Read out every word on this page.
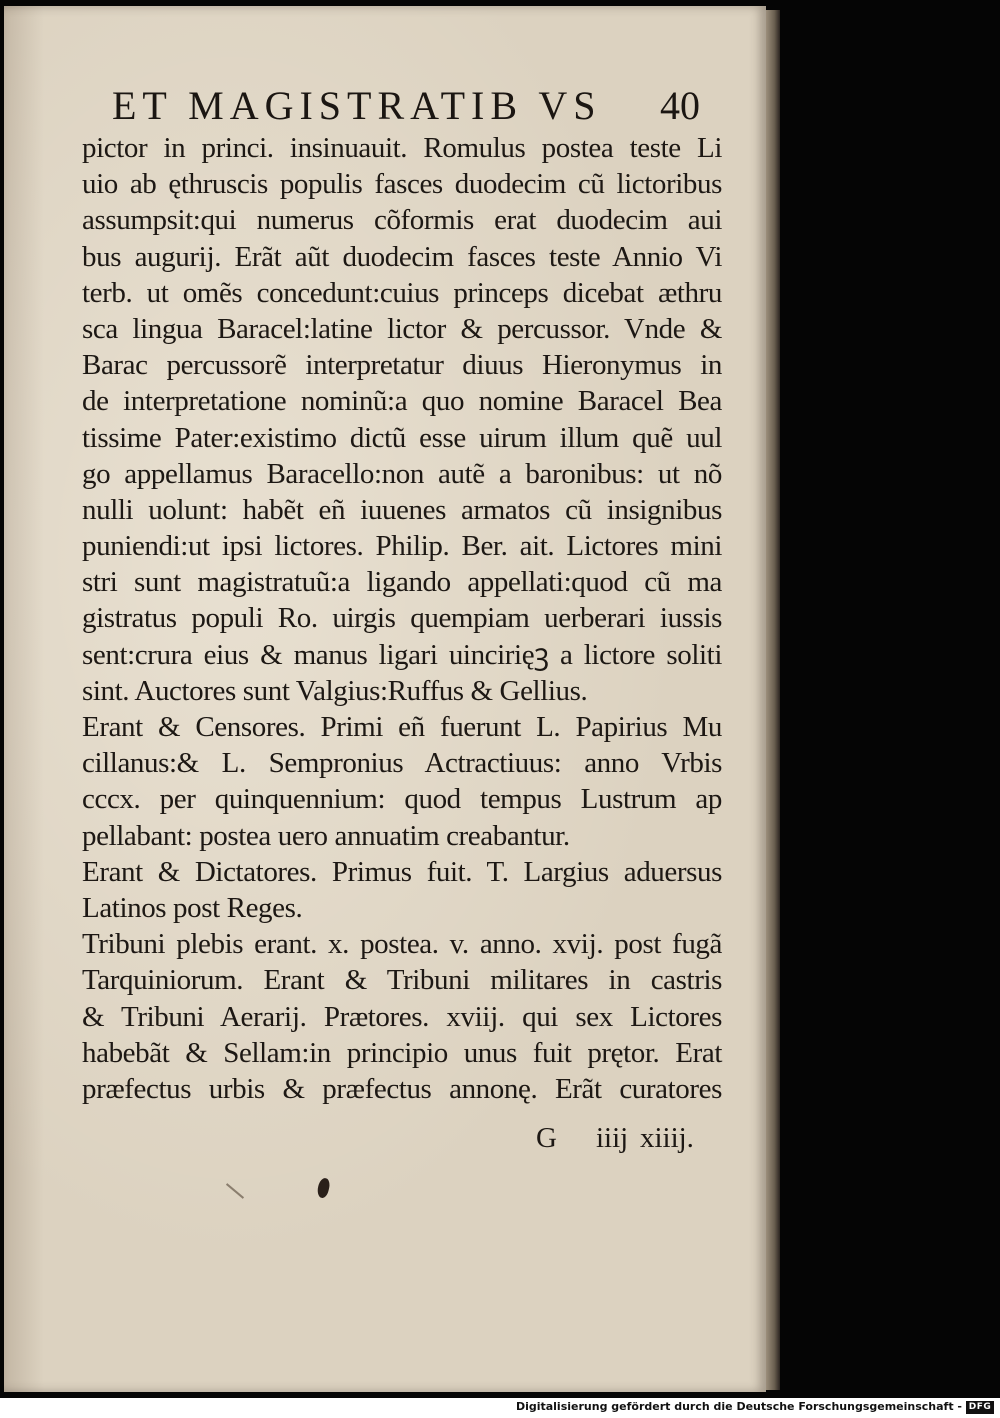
ET MAGISTRATIB VS 40
pictor in princi. insinuauit. Romulus postea teste Li
uio ab ęthruscis populis fasces duodecim cũ lictoribus
assumpsit:qui numerus cõformis erat duodecim aui
bus augurĳ. Erãt aũt duodecim fasces teste Annio Vi
terb. ut omẽs concedunt:cuius princeps dicebat æthru
sca lingua Baracel:latine lictor & percussor. Vnde &
Barac percussorẽ interpretatur diuus Hieronymus in
de interpretatione nominũ:a quo nomine Baracel Bea
tissime Pater:existimo dictũ esse uirum illum quẽ uul
go appellamus Baracello:non autẽ a baronibus: ut nõ
nulli uolunt: habẽt eñ iuuenes armatos cũ insignibus
puniendi:ut ipsi lictores. Philip. Ber. ait. Lictores mini
stri sunt magistratuũ:a ligando appellati:quod cũ ma
gistratus populi Ro. uirgis quempiam uerberari iussis
sent:crura eius & manus ligari uincirięꝫ a lictore soliti
sint. Auctores sunt Valgius:Ruffus & Gellius.
Erant & Censores. Primi eñ fuerunt L. Papirius Mu
cillanus:& L. Sempronius Actractiuus: anno Vrbis
cccx. per quinquennium: quod tempus Lustrum ap
pellabant: postea uero annuatim creabantur.
Erant & Dictatores. Primus fuit. T. Largius aduersus
Latinos post Reges.
Tribuni plebis erant. x. postea. v. anno. xvĳ. post fugã
Tarquiniorum. Erant & Tribuni militares in castris
& Tribuni Aerarĳ. Prætores. xviĳ. qui sex Lictores
habebãt & Sellam:in principio unus fuit prętor. Erat
præfectus urbis & præfectus annonę. Erãt curatores
G iiĳ xiiĳ.
Digitalisierung gefördert durch die Deutsche Forschungsgemeinschaft - DFG
